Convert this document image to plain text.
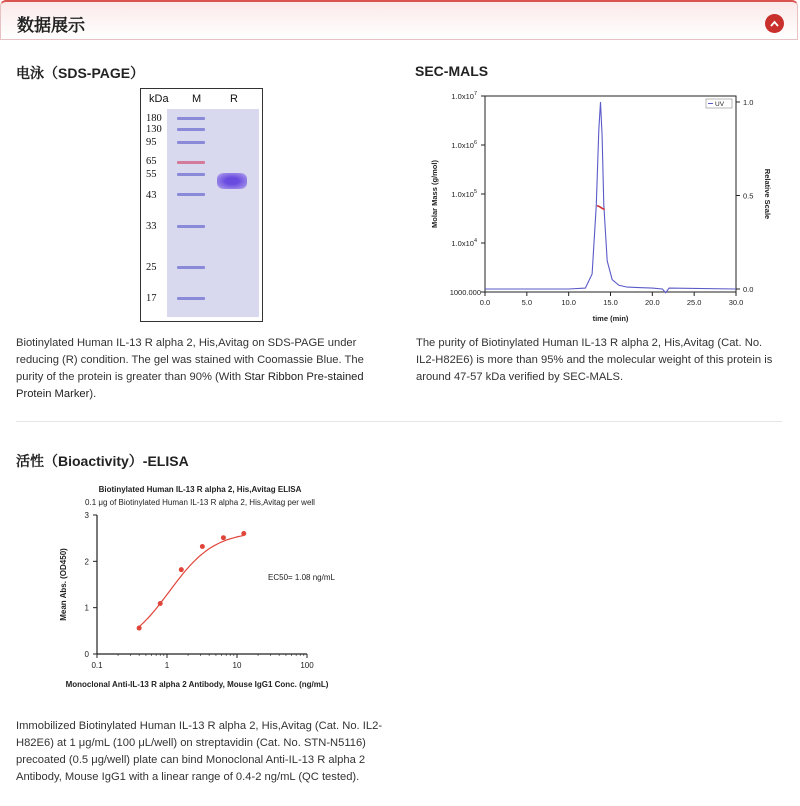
数据展示
电泳（SDS-PAGE）
kDa M	R
180
130
95
65
55
43
33
25
17
Biotinylated Human IL-13 R alpha 2, His,Avitag on SDS-PAGE under reducing (R) condition. The gel was stained with Coomassie Blue. The purity of the protein is greater than 90% (With Star Ribbon Pre-stained Protein Marker).
SEC-MALS
0.0	5.0	10.0	15.0	20.0	25.0	30.0
$1.0x10^7$
$1.0x10^6$
$1.0x10^5$
$1.0x10^4$
1000.000
1.0
0.5
0.0
time (min)
Molar Mass (g/mol)	Relative Scale
UV
The purity of Biotinylated Human IL-13 R alpha 2, His,Avitag (Cat. No. IL2-H82E6) is more than 95% and the molecular weight of this protein is around 47-57 kDa verified by SEC-MALS.
活性（Bioactivity）-ELISA
Biotinylated Human IL-13 R alpha 2, His,Avitag ELISA
0.1 μg of Biotinylated Human IL-13 R alpha 2, His,Avitag per well
0.1	1	10	100
0
1
2
3
Monoclonal Anti-IL-13 R alpha 2 Antibody, Mouse IgG1 Conc. (ng/mL)
Mean Abs. (OD450)	EC50= 1.08 ng/mL
Immobilized Biotinylated Human IL-13 R alpha 2, His,Avitag (Cat. No. IL2-H82E6) at 1 μg/mL (100 μL/well) on streptavidin (Cat. No. STN-N5116) precoated (0.5 μg/well) plate can bind Monoclonal Anti-IL-13 R alpha 2 Antibody, Mouse IgG1 with a linear range of 0.4-2 ng/mL (QC tested).
